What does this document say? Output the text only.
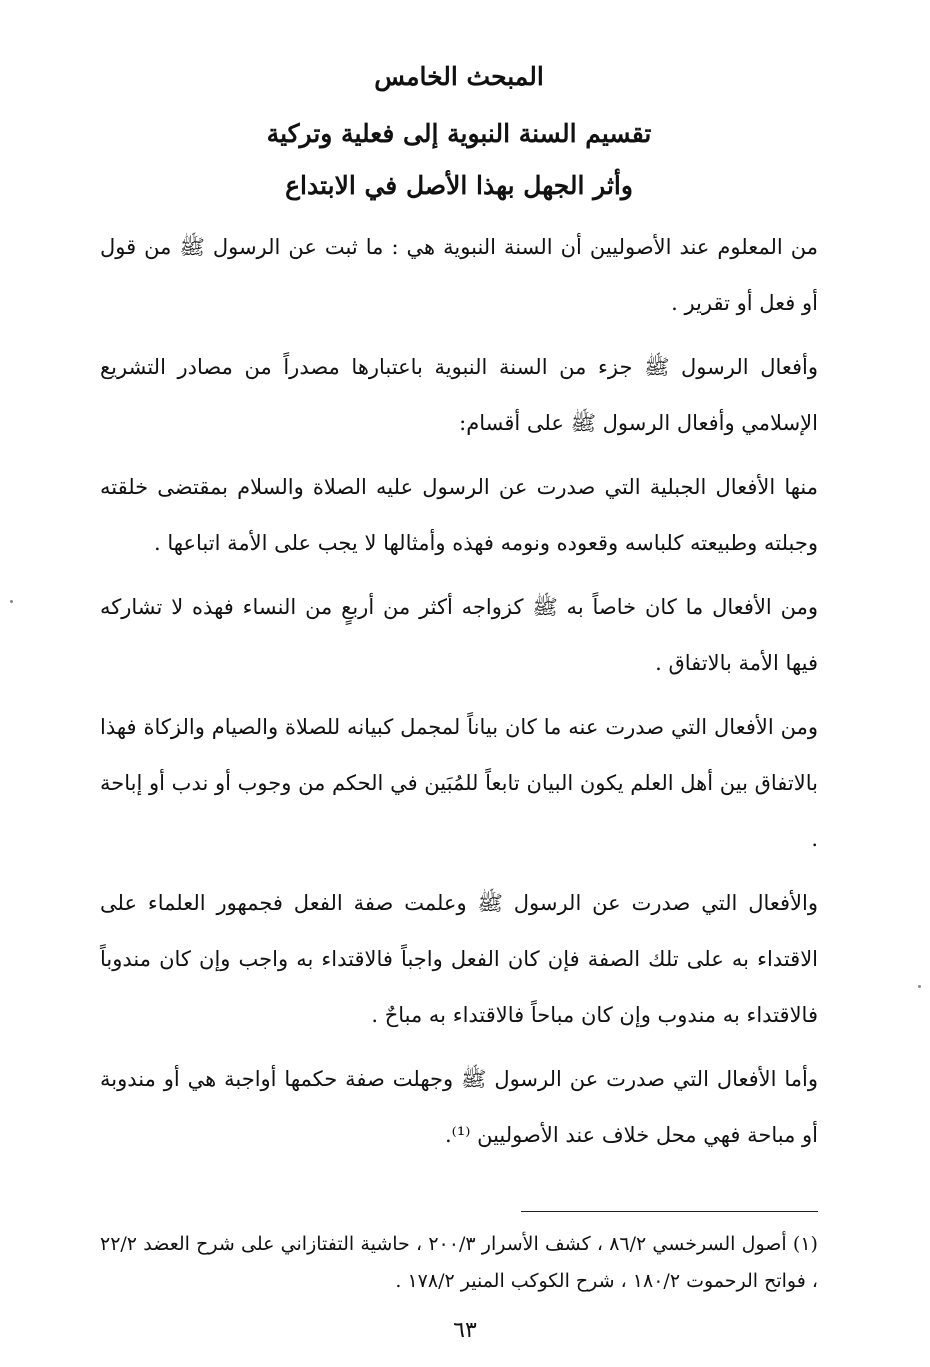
المبحث الخامس

تقسيم السنة النبوية إلى فعلية وتركية

وأثر الجهل بهذا الأصل في الابتداع

من المعلوم عند الأصوليين أن السنة النبوية هي : ما ثبت عن الرسول ﷺ من قول أو فعل أو تقرير .

وأفعال الرسول ﷺ جزء من السنة النبوية باعتبارها مصدراً من مصادر التشريع الإسلامي وأفعال الرسول ﷺ على أقسام:

منها الأفعال الجبلية التي صدرت عن الرسول عليه الصلاة والسلام بمقتضى خلقته وجبلته وطبيعته كلباسه وقعوده ونومه فهذه وأمثالها لا يجب على الأمة اتباعها .

ومن الأفعال ما كان خاصاً به ﷺ كزواجه أكثر من أربعٍ من النساء فهذه لا تشاركه فيها الأمة بالاتفاق .

ومن الأفعال التي صدرت عنه ما كان بياناً لمجمل كبيانه للصلاة والصيام والزكاة فهذا بالاتفاق بين أهل العلم يكون البيان تابعاً للمُبَين في الحكم من وجوب أو ندب أو إباحة .

والأفعال التي صدرت عن الرسول ﷺ وعلمت صفة الفعل فجمهور العلماء على الاقتداء به على تلك الصفة فإن كان الفعل واجباً فالاقتداء به واجب وإن كان مندوباً فالاقتداء به مندوب وإن كان مباحاً فالاقتداء به مباحٌ .

وأما الأفعال التي صدرت عن الرسول ﷺ وجهلت صفة حكمها أواجبة هي أو مندوبة أو مباحة فهي محل خلاف عند الأصوليين ⁽¹⁾.

(١) أصول السرخسي ٨٦/٢ ، كشف الأسرار ٢٠٠/٣ ، حاشية التفتازاني على شرح العضد ٢٢/٢ ، فواتح الرحموت ١٨٠/٢ ، شرح الكوكب المنير ١٧٨/٢ .

٦٣
